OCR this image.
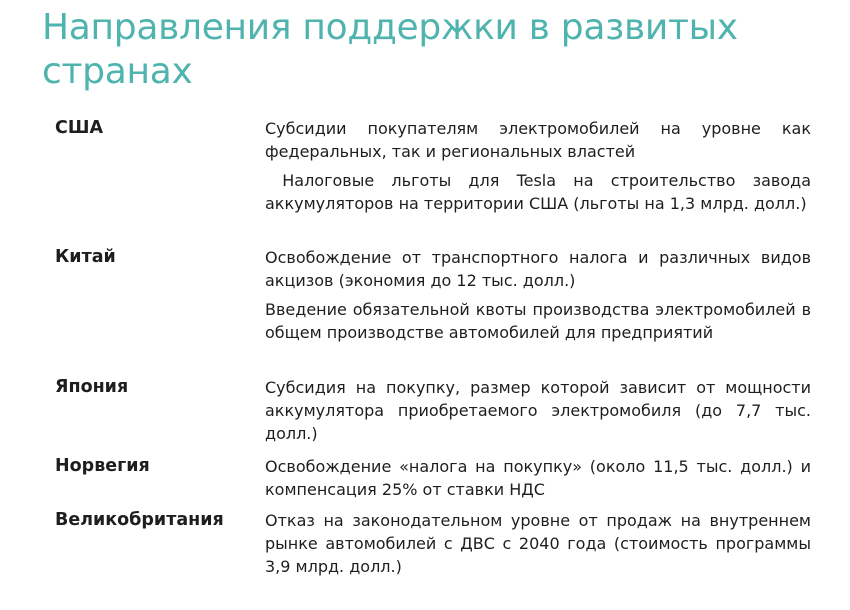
Направления поддержки в развитых странах
США	Субсидии покупателям электромобилей на уровне как федеральных, так и региональных властей
Налоговые льготы для Tesla на строительство завода аккумуляторов на территории США (льготы на 1,3 млрд. долл.)
Китай	Освобождение от транспортного налога и различных видов акцизов (экономия до 12 тыс. долл.)
Введение обязательной квоты производства электромобилей в общем производстве автомобилей для предприятий
Япония	Субсидия на покупку, размер которой зависит от мощности аккумулятора приобретаемого электромобиля (до 7,7 тыс. долл.)
Норвегия	Освобождение «налога на покупку» (около 11,5 тыс. долл.) и компенсация 25% от ставки НДС
Великобритания	Отказ на законодательном уровне от продаж на внутреннем рынке автомобилей с ДВС с 2040 года (стоимость программы 3,9 млрд. долл.)
